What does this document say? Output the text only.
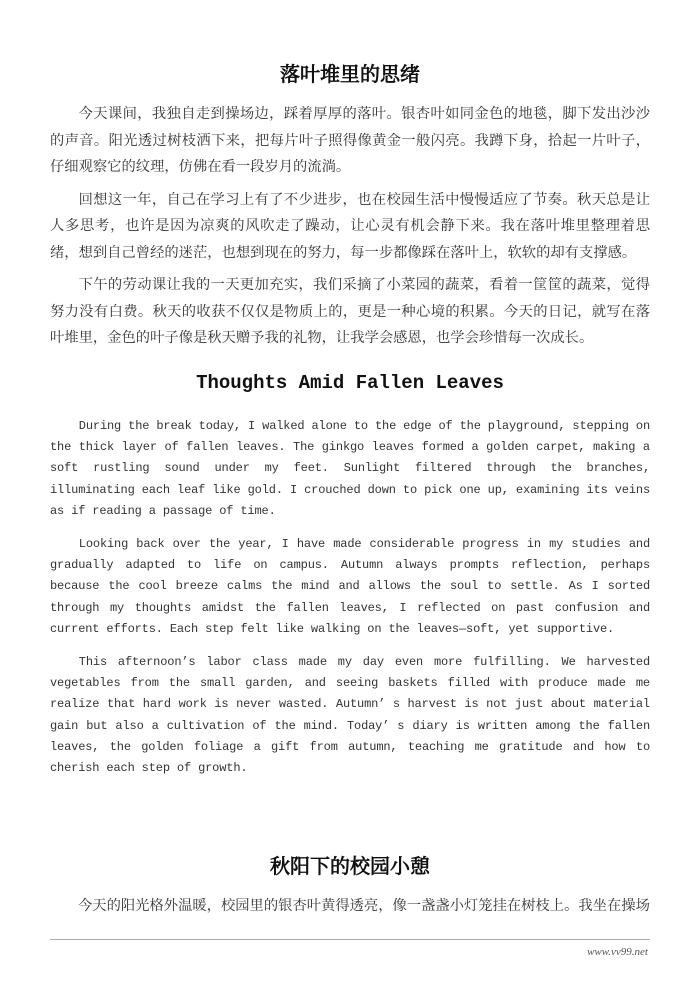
落叶堆里的思绪

今天课间，我独自走到操场边，踩着厚厚的落叶。银杏叶如同金色的地毯，脚下发出沙沙的声音。阳光透过树枝洒下来，把每片叶子照得像黄金一般闪亮。我蹲下身，拾起一片叶子，仔细观察它的纹理，仿佛在看一段岁月的流淌。

回想这一年，自己在学习上有了不少进步，也在校园生活中慢慢适应了节奏。秋天总是让人多思考，也许是因为凉爽的风吹走了躁动，让心灵有机会静下来。我在落叶堆里整理着思绪，想到自己曾经的迷茫，也想到现在的努力，每一步都像踩在落叶上，软软的却有支撑感。

下午的劳动课让我的一天更加充实，我们采摘了小菜园的蔬菜，看着一筐筐的蔬菜，觉得努力没有白费。秋天的收获不仅仅是物质上的，更是一种心境的积累。今天的日记，就写在落叶堆里，金色的叶子像是秋天赠予我的礼物，让我学会感恩，也学会珍惜每一次成长。

Thoughts Amid Fallen Leaves

During the break today, I walked alone to the edge of the playground, stepping on the thick layer of fallen leaves. The ginkgo leaves formed a golden carpet, making a soft rustling sound under my feet. Sunlight filtered through the branches, illuminating each leaf like gold. I crouched down to pick one up, examining its veins as if reading a passage of time.

Looking back over the year, I have made considerable progress in my studies and gradually adapted to life on campus. Autumn always prompts reflection, perhaps because the cool breeze calms the mind and allows the soul to settle. As I sorted through my thoughts amidst the fallen leaves, I reflected on past confusion and current efforts. Each step felt like walking on the leaves—soft, yet supportive.

This afternoon’s labor class made my day even more fulfilling. We harvested vegetables from the small garden, and seeing baskets filled with produce made me realize that hard work is never wasted. Autumn’ s harvest is not just about material gain but also a cultivation of the mind. Today’ s diary is written among the fallen leaves, the golden foliage a gift from autumn, teaching me gratitude and how to cherish each step of growth.

秋阳下的校园小憩

今天的阳光格外温暖，校园里的银杏叶黄得透亮，像一盏盏小灯笼挂在树枝上。我坐在操场

www.vv99.net
